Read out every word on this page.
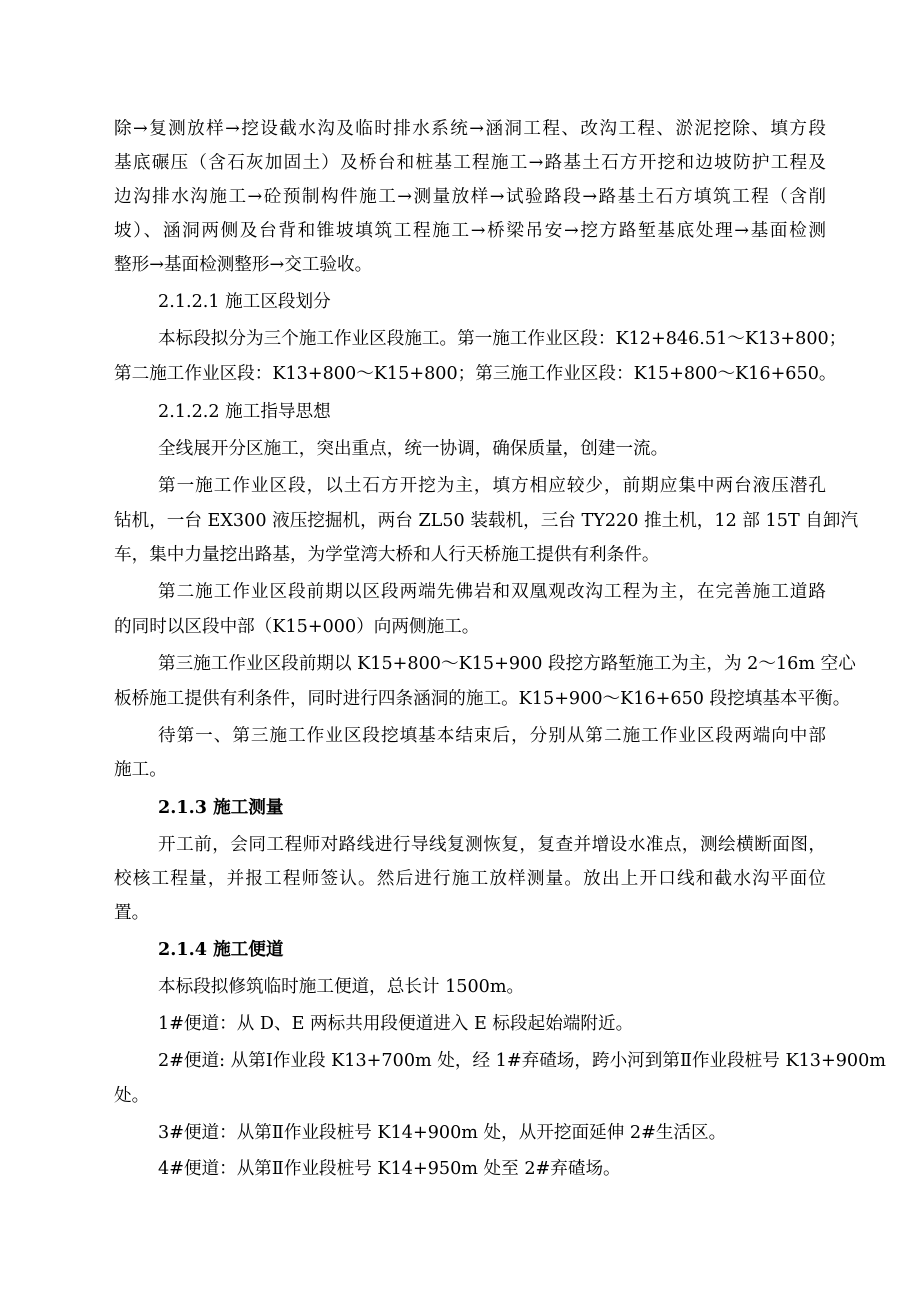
除→复测放样→挖设截水沟及临时排水系统→涵洞工程、改沟工程、淤泥挖除、填方段
基底碾压（含石灰加固土）及桥台和桩基工程施工→路基土石方开挖和边坡防护工程及
边沟排水沟施工→砼预制构件施工→测量放样→试验路段→路基土石方填筑工程（含削
坡）、涵洞两侧及台背和锥坡填筑工程施工→桥梁吊安→挖方路堑基底处理→基面检测
整形→基面检测整形→交工验收。
2.1.2.1 施工区段划分
本标段拟分为三个施工作业区段施工。第一施工作业区段：K12+846.51～K13+800；
第二施工作业区段：K13+800～K15+800；第三施工作业区段：K15+800～K16+650。
2.1.2.2 施工指导思想
全线展开分区施工，突出重点，统一协调，确保质量，创建一流。
第一施工作业区段，以土石方开挖为主，填方相应较少，前期应集中两台液压潜孔
钻机，一台 EX300 液压挖掘机，两台 ZL50 装载机，三台 TY220 推土机，12 部 15T 自卸汽
车，集中力量挖出路基，为学堂湾大桥和人行天桥施工提供有利条件。
第二施工作业区段前期以区段两端先佛岩和双凰观改沟工程为主，在完善施工道路
的同时以区段中部（K15+000）向两侧施工。
第三施工作业区段前期以 K15+800～K15+900 段挖方路堑施工为主，为 2～16m 空心
板桥施工提供有利条件，同时进行四条涵洞的施工。K15+900～K16+650 段挖填基本平衡。
待第一、第三施工作业区段挖填基本结束后，分别从第二施工作业区段两端向中部
施工。
2.1.3 施工测量
开工前，会同工程师对路线进行导线复测恢复，复查并增设水准点，测绘横断面图，
校核工程量，并报工程师签认。然后进行施工放样测量。放出上开口线和截水沟平面位
置。
2.1.4 施工便道
本标段拟修筑临时施工便道，总长计 1500m。
1#便道：从 D、E 两标共用段便道进入 E 标段起始端附近。
2#便道: 从第Ⅰ作业段 K13+700m 处，经 1#弃碴场，跨小河到第Ⅱ作业段桩号 K13+900m
处。
3#便道：从第Ⅱ作业段桩号 K14+900m 处，从开挖面延伸 2#生活区。
4#便道：从第Ⅱ作业段桩号 K14+950m 处至 2#弃碴场。
